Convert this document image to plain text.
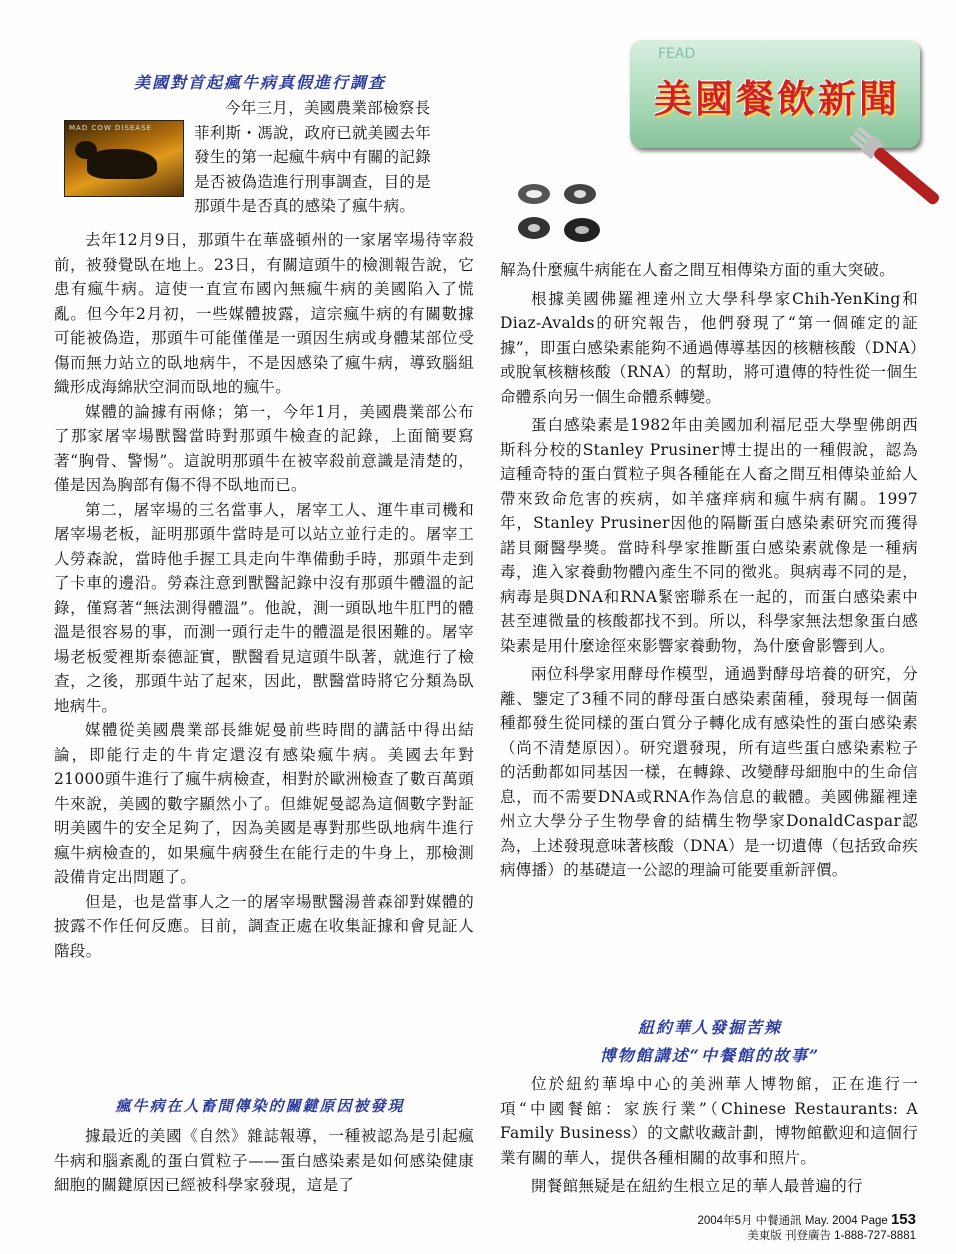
FEAD
美國餐飲新聞
美國對首起瘋牛病真假進行調查
MAD COW DISEASE

今年三月，美國農業部檢察長

菲利斯・馮說，政府已就美國去年

發生的第一起瘋牛病中有關的記錄

是否被偽造進行刑事調查，目的是

那頭牛是否真的感染了瘋牛病。

去年12月9日，那頭牛在華盛頓州的一家屠宰場待宰殺前，被發覺臥在地上。23日，有關這頭牛的檢測報告說，它患有瘋牛病。這使一直宣布國內無瘋牛病的美國陷入了慌亂。但今年2月初，一些媒體披露，這宗瘋牛病的有關數據可能被偽造，那頭牛可能僅僅是一頭因生病或身體某部位受傷而無力站立的臥地病牛，不是因感染了瘋牛病，導致腦組織形成海綿狀空洞而臥地的瘋牛。

媒體的論據有兩條；第一，今年1月，美國農業部公布了那家屠宰場獸醫當時對那頭牛檢查的記錄，上面簡要寫著“胸骨、警惕”。這說明那頭牛在被宰殺前意識是清楚的，僅是因為胸部有傷不得不臥地而已。

第二，屠宰場的三名當事人，屠宰工人、運牛車司機和屠宰場老板，証明那頭牛當時是可以站立並行走的。屠宰工人勞森說，當時他手握工具走向牛準備動手時，那頭牛走到了卡車的邊沿。勞森注意到獸醫記錄中沒有那頭牛體溫的記錄，僅寫著“無法測得體溫”。他說，測一頭臥地牛肛門的體溫是很容易的事，而測一頭行走牛的體溫是很困難的。屠宰場老板愛裡斯泰德証實，獸醫看見這頭牛臥著，就進行了檢查，之後，那頭牛站了起來，因此，獸醫當時將它分類為臥地病牛。

媒體從美國農業部長維妮曼前些時間的講話中得出結論，即能行走的牛肯定還沒有感染瘋牛病。美國去年對21000頭牛進行了瘋牛病檢查，相對於歐洲檢查了數百萬頭牛來說，美國的數字顯然小了。但維妮曼認為這個數字對証明美國牛的安全足夠了，因為美國是專對那些臥地病牛進行瘋牛病檢查的，如果瘋牛病發生在能行走的牛身上，那檢測設備肯定出問題了。

但是，也是當事人之一的屠宰場獸醫湯普森卻對媒體的披露不作任何反應。目前，調查正處在收集証據和會見証人階段。

瘋牛病在人畜間傳染的關鍵原因被發現

據最近的美國《自然》雜誌報導，一種被認為是引起瘋牛病和腦紊亂的蛋白質粒子——蛋白感染素是如何感染健康細胞的關鍵原因已經被科學家發現，這是了

解為什麼瘋牛病能在人畜之間互相傳染方面的重大突破。

根據美國佛羅裡達州立大學科學家Chih-YenKing和Diaz-Avalds的研究報告，他們發現了“第一個確定的証據”，即蛋白感染素能夠不通過傳導基因的核糖核酸（DNA）或脫氧核糖核酸（RNA）的幫助，將可遺傳的特性從一個生命體系向另一個生命體系轉變。

蛋白感染素是1982年由美國加利福尼亞大學聖佛朗西斯科分校的Stanley Prusiner博士提出的一種假說，認為這種奇特的蛋白質粒子與各種能在人畜之間互相傳染並給人帶來致命危害的疾病，如羊瘙痒病和瘋牛病有關。1997年，Stanley Prusiner因他的隔斷蛋白感染素研究而獲得諾貝爾醫學獎。當時科學家推斷蛋白感染素就像是一種病毒，進入家養動物體內產生不同的徵兆。與病毒不同的是，病毒是與DNA和RNA緊密聯系在一起的，而蛋白感染素中甚至連微量的核酸都找不到。所以，科學家無法想象蛋白感染素是用什麼途徑來影響家養動物，為什麼會影響到人。

兩位科學家用酵母作模型，通過對酵母培養的研究，分離、鑒定了3種不同的酵母蛋白感染素菌種，發現每一個菌種都發生從同樣的蛋白質分子轉化成有感染性的蛋白感染素（尚不清楚原因）。研究還發現，所有這些蛋白感染素粒子的活動都如同基因一樣，在轉錄、改變酵母細胞中的生命信息，而不需要DNA或RNA作為信息的載體。美國佛羅裡達州立大學分子生物學會的結構生物學家DonaldCaspar認為，上述發現意味著核酸（DNA）是一切遺傳（包括致命疾病傳播）的基礎這一公認的理論可能要重新評價。

紐約華人發掘苦辣
博物館講述“中餐館的故事”

位於紐約華埠中心的美洲華人博物館，正在進行一項“中國餐館：家族行業”（Chinese Restaurants: A Family Business）的文獻收藏計劃，博物館歡迎和這個行業有關的華人，提供各種相關的故事和照片。

開餐館無疑是在紐約生根立足的華人最普遍的行

2004年5月 中餐通訊 May. 2004 Page 153
美東版 刊登廣告 1-888-727-8881
